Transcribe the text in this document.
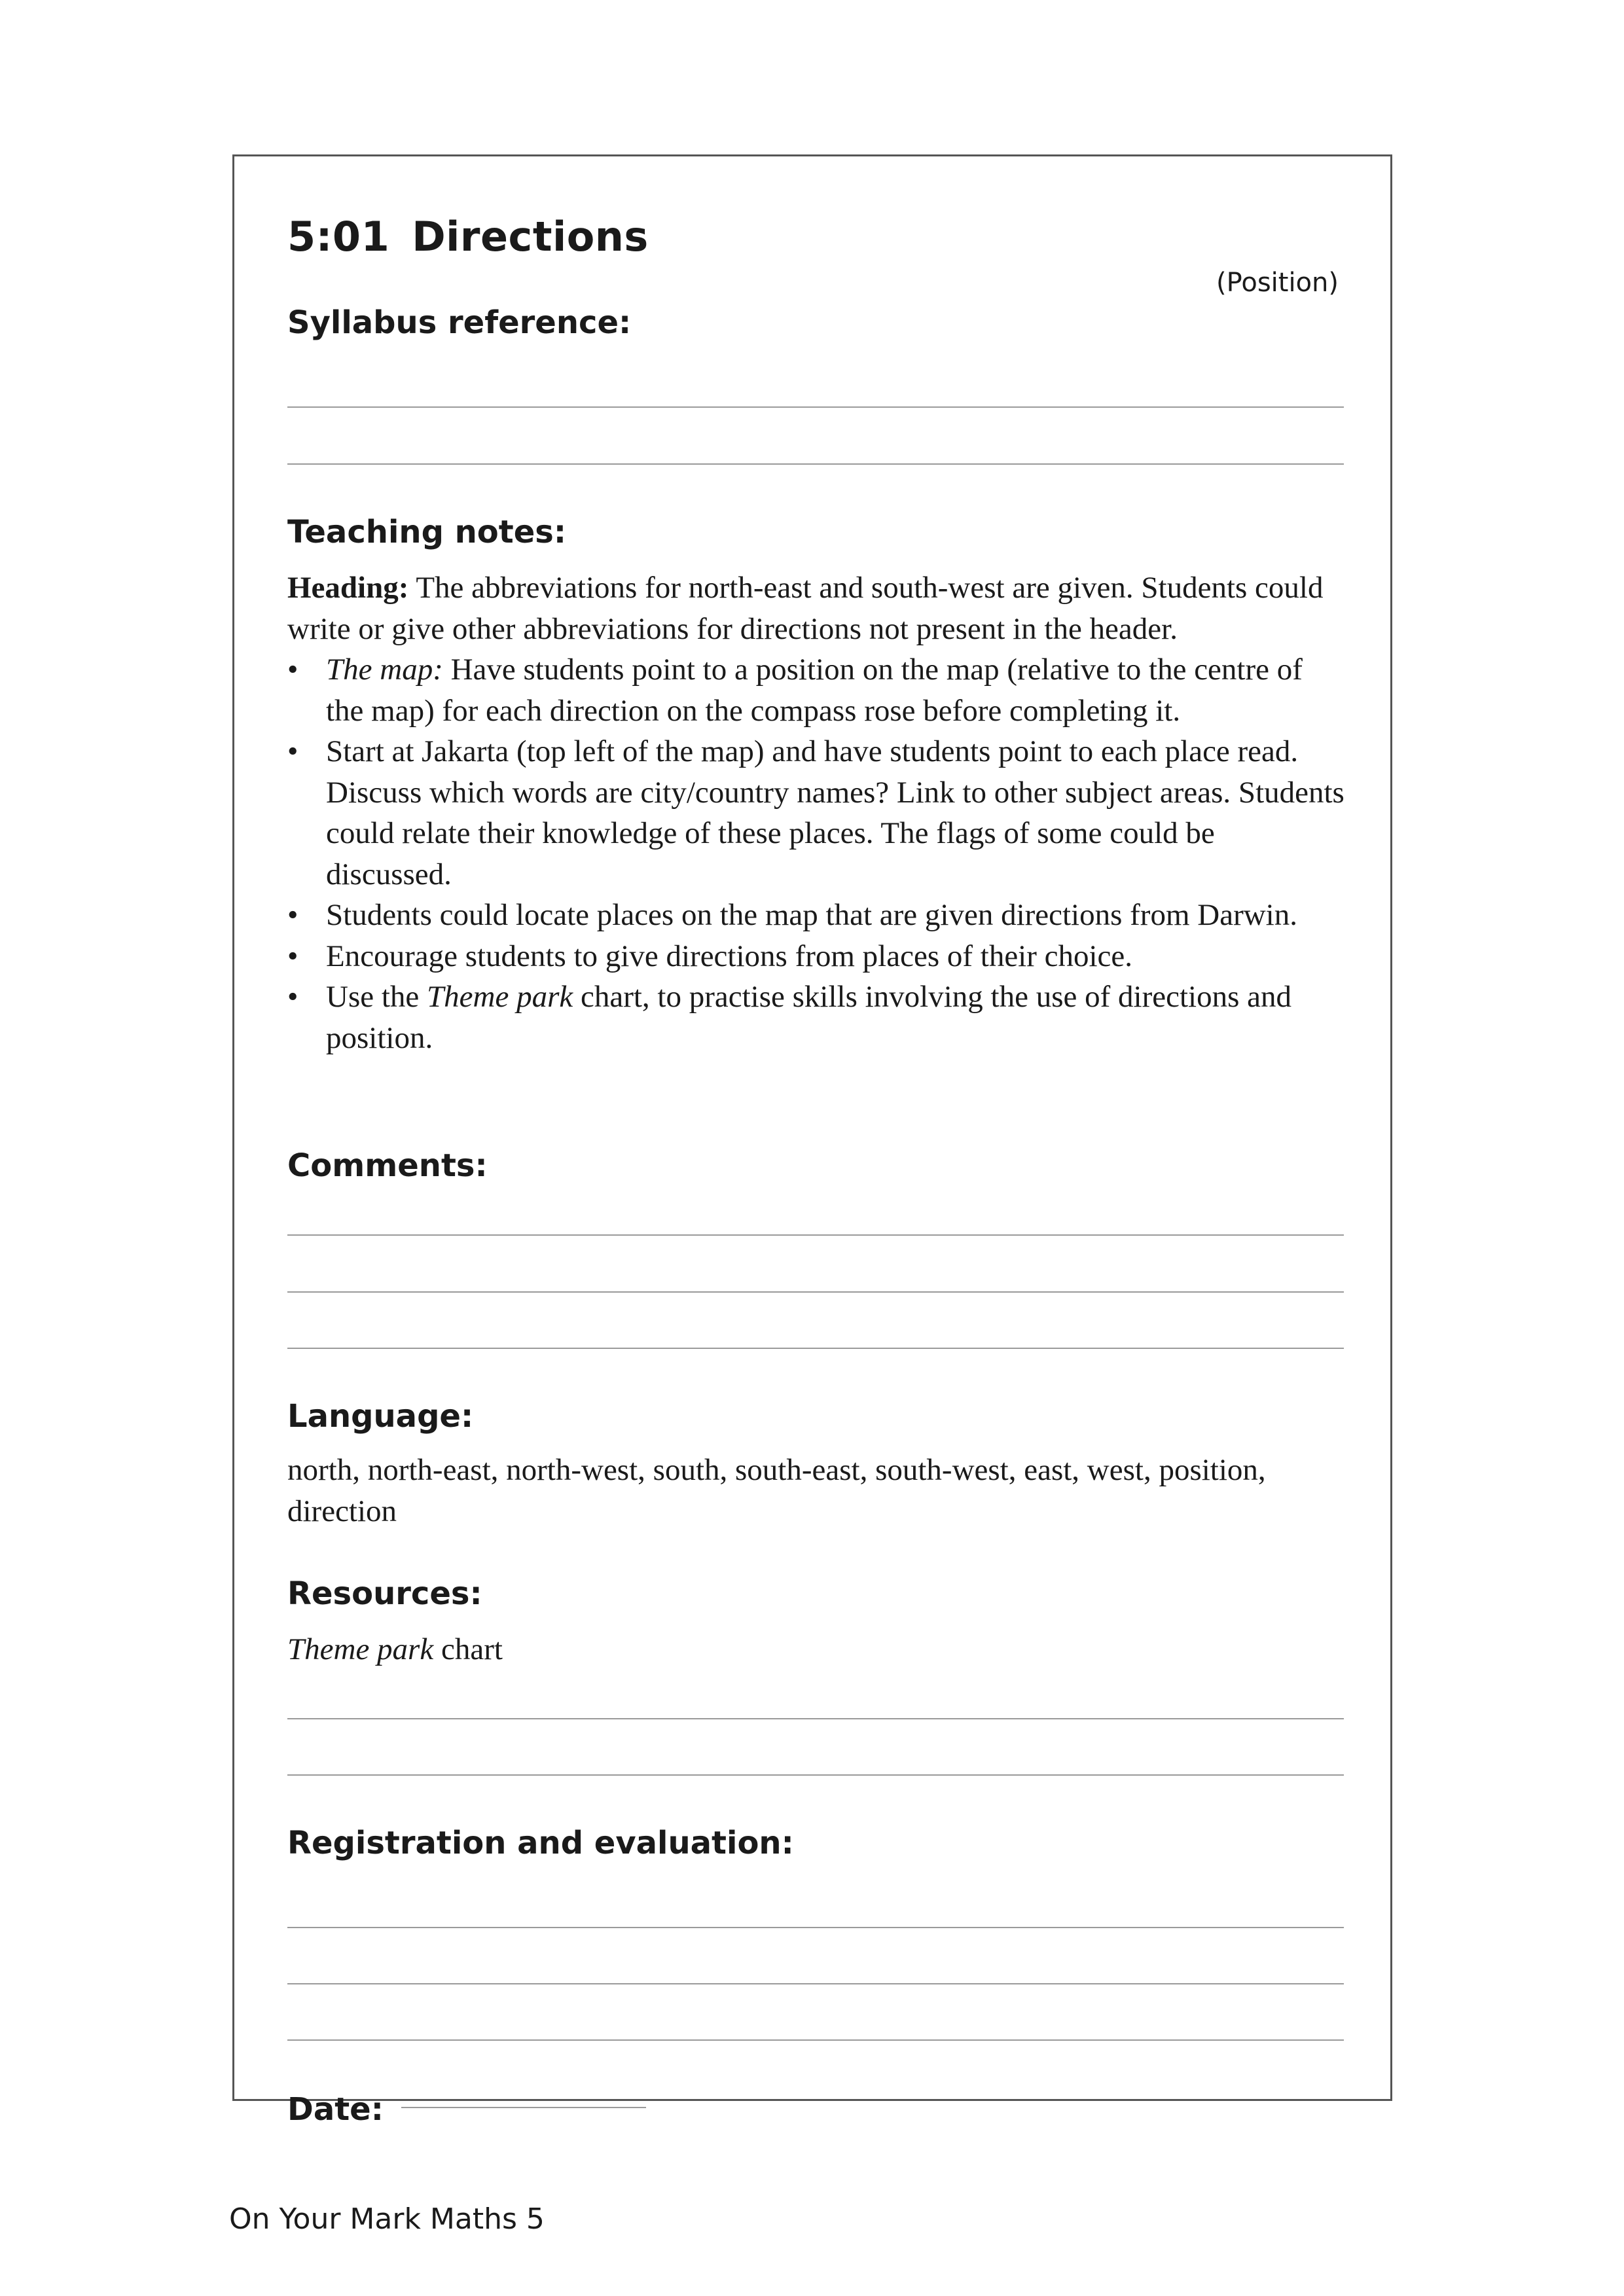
5:01 Directions
(Position)
Syllabus reference:
Teaching notes:
Heading: The abbreviations for north-east and south-west are given. Students could write or give other abbreviations for directions not present in the header.
• The map: Have students point to a position on the map (relative to the centre of the map) for each direction on the compass rose before completing it.
• Start at Jakarta (top left of the map) and have students point to each place read. Discuss which words are city/country names? Link to other subject areas. Students could relate their knowledge of these places. The flags of some could be discussed.
• Students could locate places on the map that are given directions from Darwin.
• Encourage students to give directions from places of their choice.
• Use the Theme park chart, to practise skills involving the use of directions and position.
Comments:
Language:
north, north-east, north-west, south, south-east, south-west, east, west, position, direction
Resources:
Theme park chart
Registration and evaluation:
Date:
On Your Mark Maths 5
